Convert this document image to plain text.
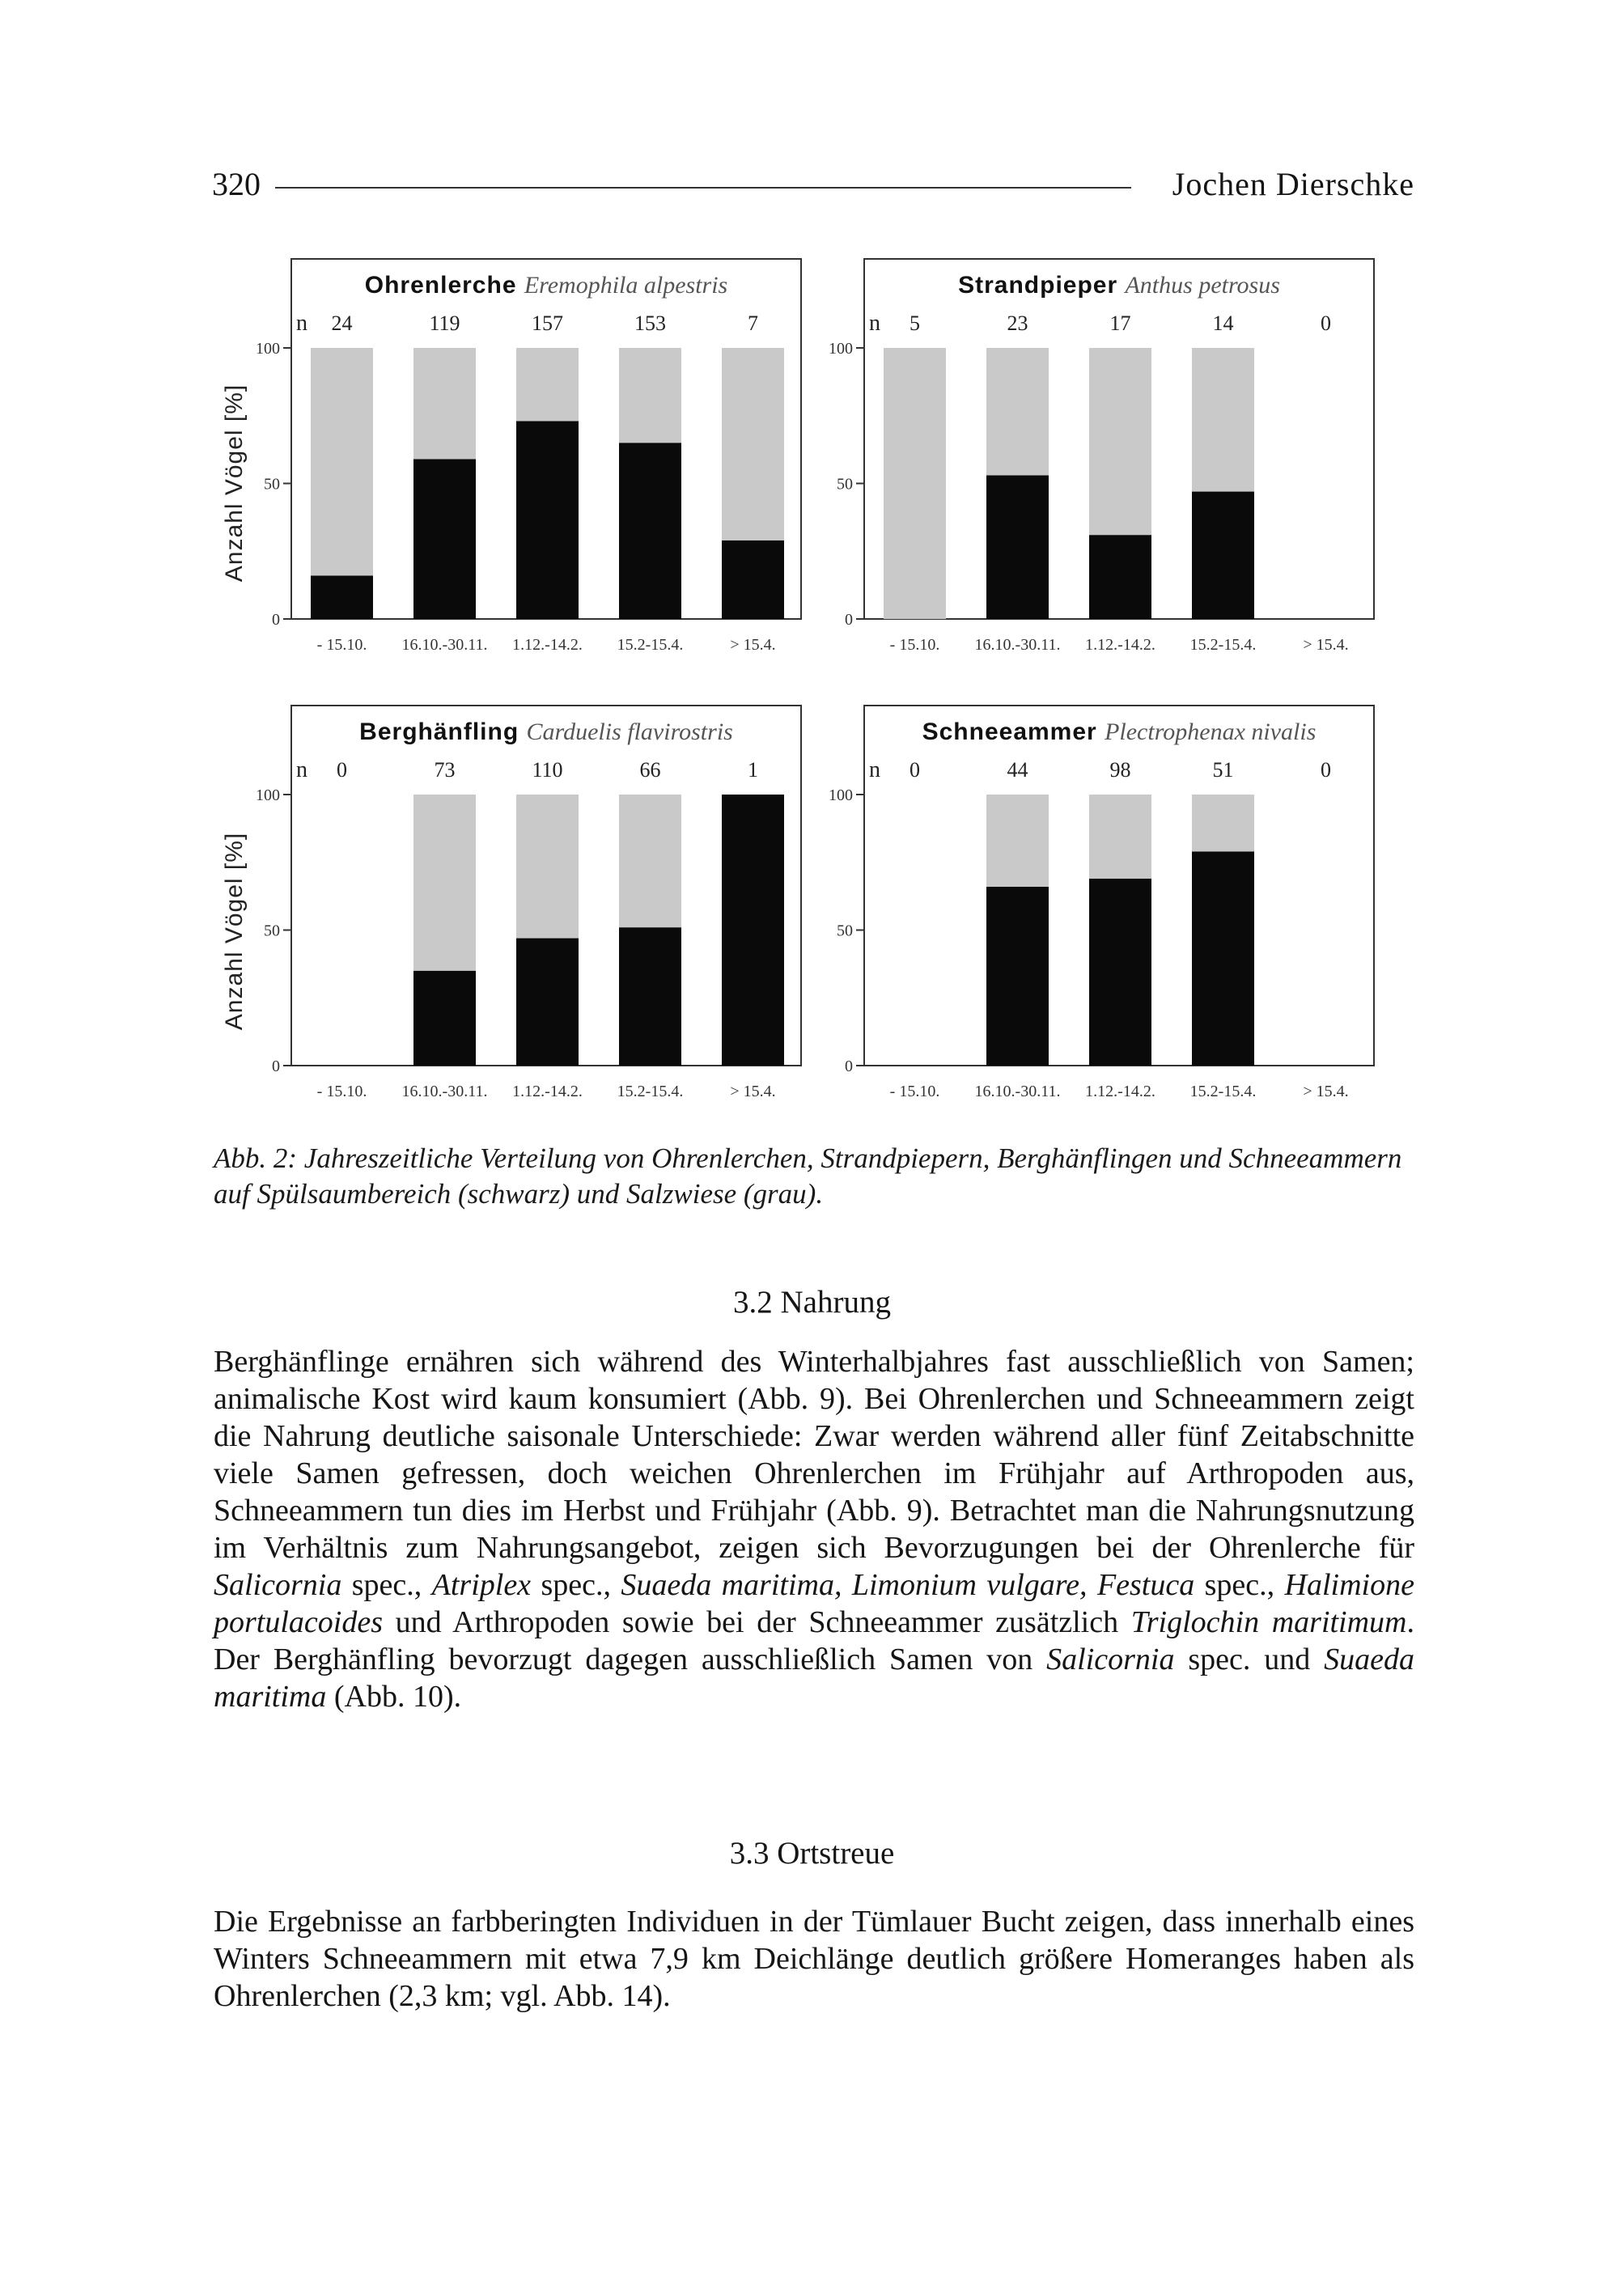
320	Jochen Dierschke
Ohrenlerche Eremophila alpestris
n
0
50
100
24
- 15.10.
119
16.10.-30.11.
157
1.12.-14.2.
153
15.2-15.4.
7
> 15.4.
Strandpieper Anthus petrosus
n
0
50
100
5
- 15.10.
23
16.10.-30.11.
17
1.12.-14.2.
14
15.2-15.4.
0
> 15.4.
Berghänfling Carduelis flavirostris
n
0
50
100
0
- 15.10.
73
16.10.-30.11.
110
1.12.-14.2.
66
15.2-15.4.
1
> 15.4.
Schneeammer Plectrophenax nivalis
n
0
50
100
0
- 15.10.
44
16.10.-30.11.
98
1.12.-14.2.
51
15.2-15.4.
0
> 15.4.
Anzahl Vögel [%]
Anzahl Vögel [%]
Abb. 2: Jahreszeitliche Verteilung von Ohrenlerchen, Strandpiepern, Berghänflingen und Schneeammern auf Spülsaumbereich (schwarz) und Salzwiese (grau).
3.2 Nahrung

Berghänflinge ernähren sich während des Winterhalbjahres fast ausschließlich von Samen; animalische Kost wird kaum konsumiert (Abb. 9). Bei Ohrenlerchen und Schneeammern zeigt die Nahrung deutliche saisonale Unterschiede: Zwar werden während aller fünf Zeitabschnitte viele Samen gefressen, doch weichen Ohrenlerchen im Frühjahr auf Arthropoden aus, Schneeammern tun dies im Herbst und Frühjahr (Abb. 9). Betrachtet man die Nahrungsnutzung im Verhältnis zum Nahrungsangebot, zeigen sich Bevorzugungen bei der Ohrenlerche für Salicornia spec., Atriplex spec., Suaeda maritima, Limonium vulgare, Festuca spec., Halimione portulacoides und Arthropoden sowie bei der Schneeammer zusätzlich Triglochin maritimum. Der Berghänfling bevorzugt dagegen ausschließlich Samen von Salicornia spec. und Suaeda maritima (Abb. 10).

3.3 Ortstreue

Die Ergebnisse an farbberingten Individuen in der Tümlauer Bucht zeigen, dass innerhalb eines Winters Schneeammern mit etwa 7,9 km Deichlänge deutlich größere Homeranges haben als Ohrenlerchen (2,3 km; vgl. Abb. 14).
